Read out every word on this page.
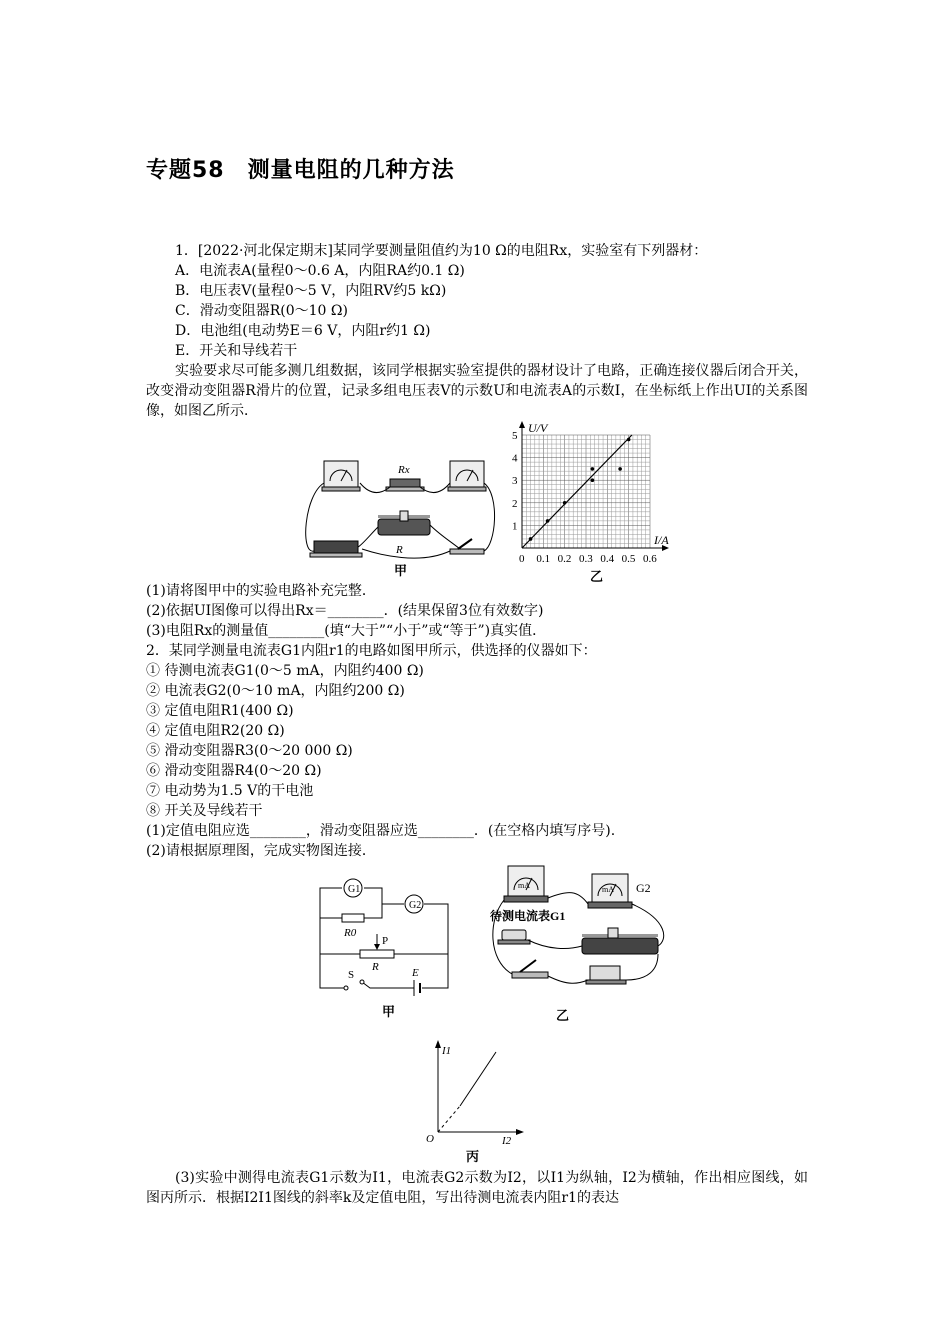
专题58　测量电阻的几种方法
1．[2022·河北保定期末]某同学要测量阻值约为10 Ω的电阻Rx，实验室有下列器材：
A．电流表A(量程0～0.6 A，内阻RA约0.1 Ω)
B．电压表V(量程0～5 V，内阻RV约5 kΩ)
C．滑动变阻器R(0～10 Ω)
D．电池组(电动势E＝6 V，内阻r约1 Ω)
E．开关和导线若干
实验要求尽可能多测几组数据，该同学根据实验室提供的器材设计了电路，正确连接仪器后闭合开关，改变滑动变阻器R滑片的位置，记录多组电压表V的示数U和电流表A的示数I，在坐标纸上作出UI的关系图像，如图乙所示．
Rx
R
甲
0 0.1 0.2 0.3 0.4 0.5 0.6
1
2
3
4
5
U/V
I/A
乙
(1)请将图甲中的实验电路补充完整．
(2)依据UI图像可以得出Rx＝________．(结果保留3位有效数字)
(3)电阻Rx的测量值________(填“大于”“小于”或“等于”)真实值．
2．某同学测量电流表G1内阻r1的电路如图甲所示，供选择的仪器如下：
① 待测电流表G1(0～5 mA，内阻约400 Ω)
② 电流表G2(0～10 mA，内阻约200 Ω)
③ 定值电阻R1(400 Ω)
④ 定值电阻R2(20 Ω)
⑤ 滑动变阻器R3(0～20 000 Ω)
⑥ 滑动变阻器R4(0～20 Ω)
⑦ 电动势为1.5 V的干电池
⑧ 开关及导线若干
(1)定值电阻应选________，滑动变阻器应选________．(在空格内填写序号).
(2)请根据原理图，完成实物图连接．
G1
G2
R0
P
R
S	E
甲
mA	mA G2
待测电流表G1
乙
I1
I2
O
丙
(3)实验中测得电流表G1示数为I1，电流表G2示数为I2，以I1为纵轴，I2为横轴，作出相应图线，如图丙所示．根据I2I1图线的斜率k及定值电阻，写出待测电流表内阻r1的表达
